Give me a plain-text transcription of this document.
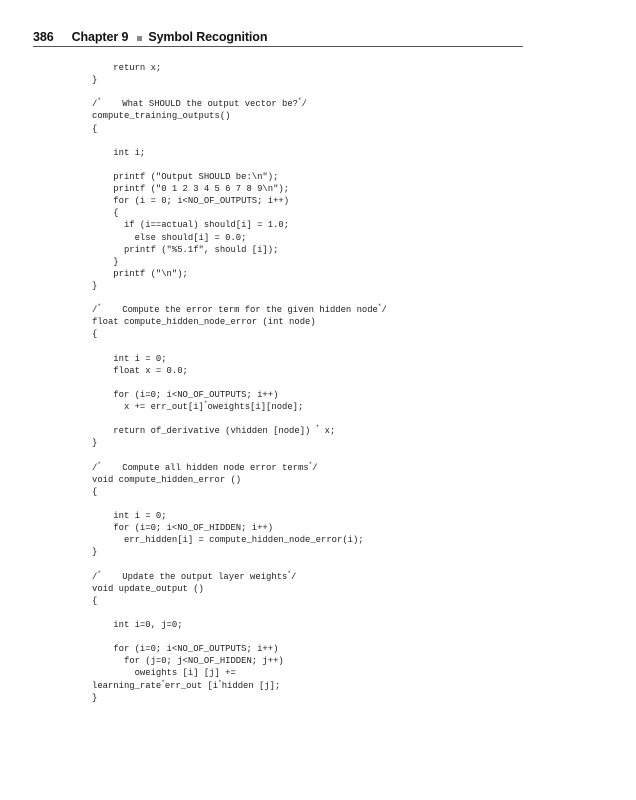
386 Chapter 9 Symbol Recognition
return x;
}

/*    What SHOULD the output vector be?*/
compute_training_outputs()
{

int i;

printf ("Output SHOULD be:\n");
printf ("0 1 2 3 4 5 6 7 8 9\n");
for (i = 0; i<NO_OF_OUTPUTS; i++)
{
if (i==actual) should[i] = 1.0;
else should[i] = 0.0;
printf ("%5.1f", should [i]);
}
printf ("\n");
}

/*    Compute the error term for the given hidden node*/
float compute_hidden_node_error (int node)
{

int i = 0;
float x = 0.0;

for (i=0; i<NO_OF_OUTPUTS; i++)
x += err_out[i]*oweights[i][node];

return of_derivative (vhidden [node]) * x;
}

/*    Compute all hidden node error terms*/
void compute_hidden_error ()
{

int i = 0;
for (i=0; i<NO_OF_HIDDEN; i++)
err_hidden[i] = compute_hidden_node_error(i);
}

/*    Update the output layer weights*/
void update_output ()
{

int i=0, j=0;

for (i=0; i<NO_OF_OUTPUTS; i++)
for (j=0; j<NO_OF_HIDDEN; j++)
oweights [i] [j] +=
learning_rate*err_out [i*hidden [j];
}
